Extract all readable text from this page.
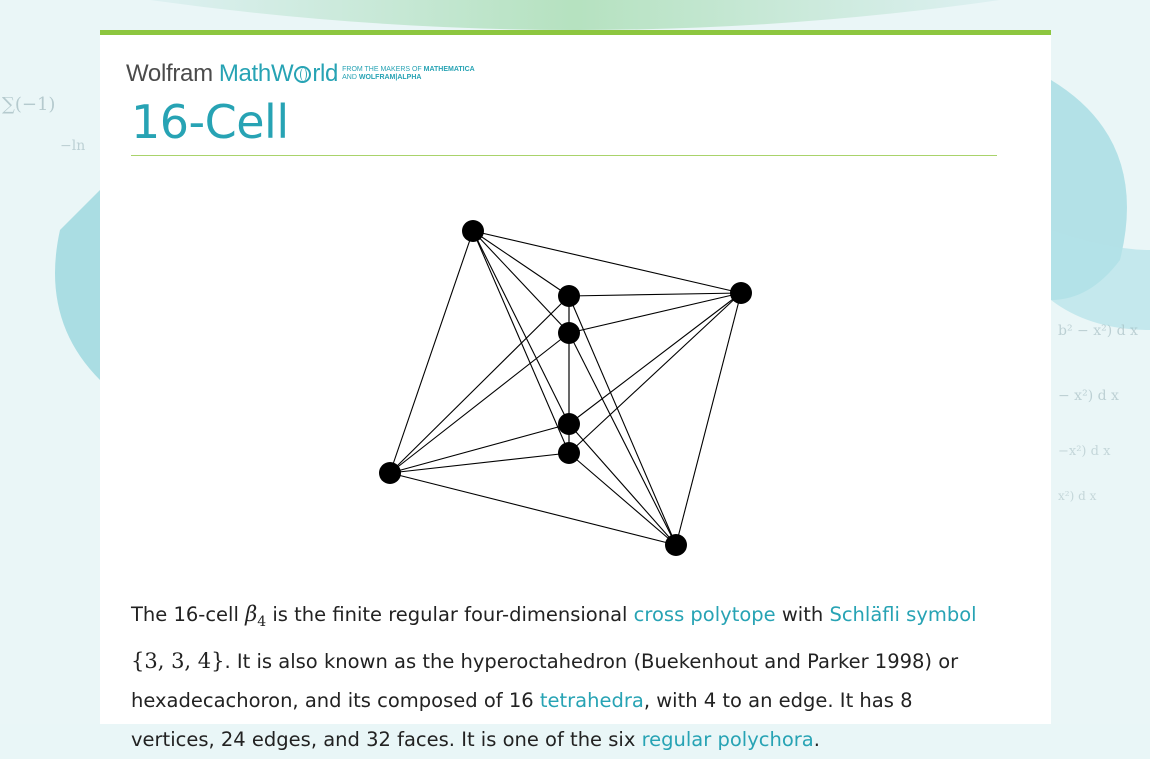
∑(−1)
−ln
b² − x²) d x
− x²) d x
−x²) d x
x²) d x
Wolfram MathW rld FROM THE MAKERS OF MATHEMATICA
AND WOLFRAM|ALPHA
16-Cell

The 16-cell $\beta_4$ is the finite regular four-dimensional cross polytope with Schläfli symbol {3, 3, 4}. It is also known as the hyperoctahedron (Buekenhout and Parker 1998) or hexadecachoron, and its composed of 16 tetrahedra, with 4 to an edge. It has 8 vertices, 24 edges, and 32 faces. It is one of the six regular polychora.
